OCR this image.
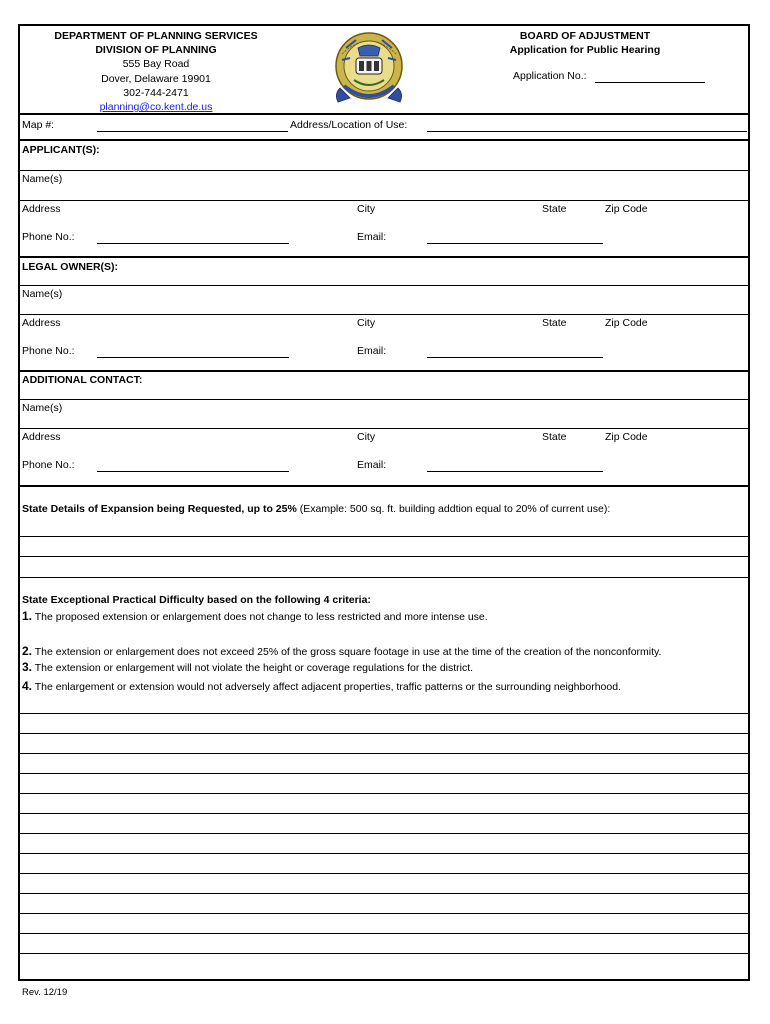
DEPARTMENT OF PLANNING SERVICES
DIVISION OF PLANNING
555 Bay Road
Dover, Delaware 19901
302-744-2471
planning@co.kent.de.us
BOARD OF ADJUSTMENT
Application for Public Hearing
Application No.:
Map #:	Address/Location of Use:
APPLICANT(S):
Name(s)
Address	City	State	Zip Code
Phone No.:	Email:
LEGAL OWNER(S):
Name(s)
Address	City	State	Zip Code
Phone No.:	Email:
ADDITIONAL CONTACT:
Name(s)
Address	City	State	Zip Code
Phone No.:	Email:
State Details of Expansion being Requested, up to 25% (Example: 500 sq. ft. building addtion equal to 20% of current use):
State Exceptional Practical Difficulty based on the following 4 criteria:
1. The proposed extension or enlargement does not change to less restricted and more intense use.
2. The extension or enlargement does not exceed 25% of the gross square footage in use at the time of the creation of the nonconformity.
3. The extension or enlargement will not violate the height or coverage regulations for the district.
4. The enlargement or extension would not adversely affect adjacent properties, traffic patterns or the surrounding neighborhood.
Rev. 12/19
